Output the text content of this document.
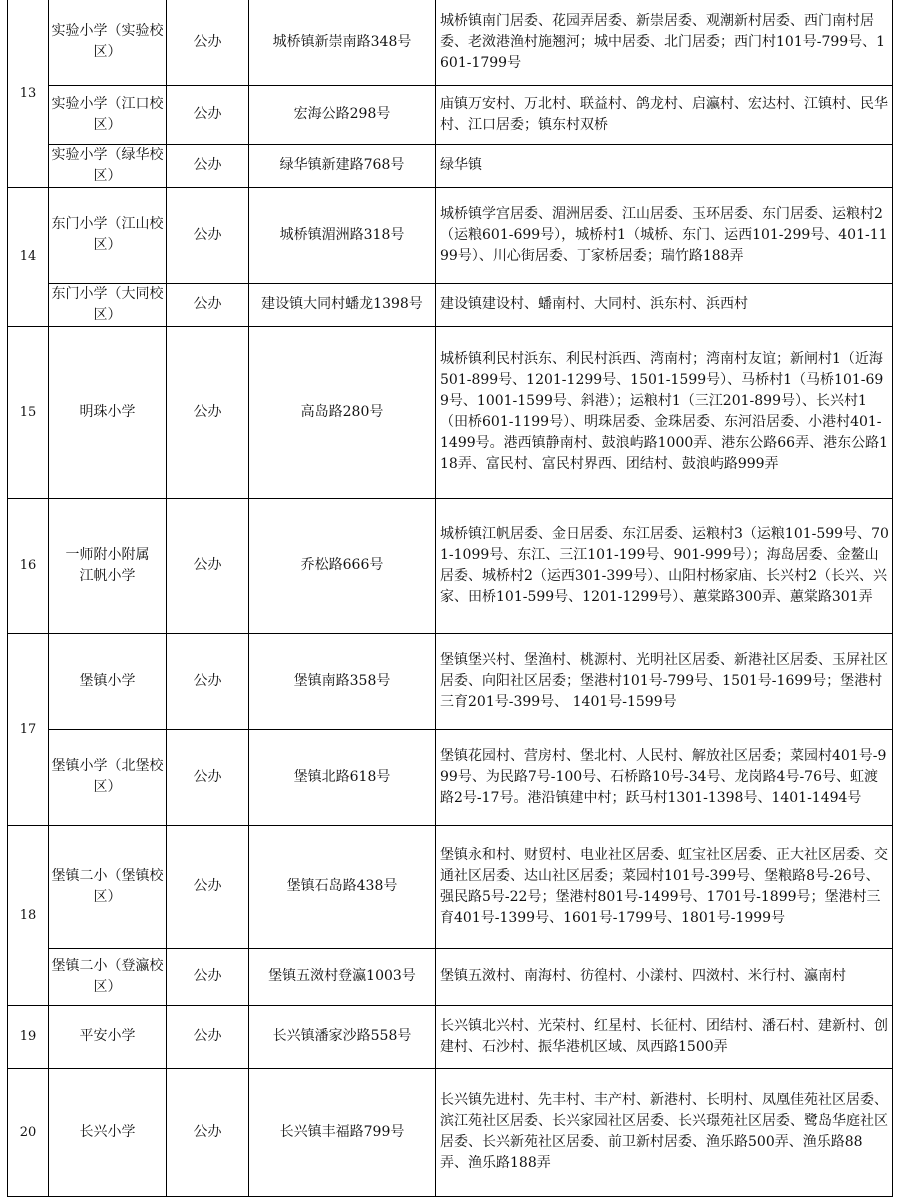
13	实验小学（实验校区）	公办	城桥镇新崇南路348号	城桥镇南门居委、花园弄居委、新崇居委、观潮新村居委、西门南村居委、老滧港渔村施翘河；城中居委、北门居委；西门村101号-799号、1601-1799号
	实验小学（江口校区）	公办	宏海公路298号	庙镇万安村、万北村、联益村、鸽龙村、启瀛村、宏达村、江镇村、民华村、江口居委；镇东村双桥
	实验小学（绿华校区）	公办	绿华镇新建路768号	绿华镇
14	东门小学（江山校区）	公办	城桥镇湄洲路318号	城桥镇学宫居委、湄洲居委、江山居委、玉环居委、东门居委、运粮村2（运粮601-699号），城桥村1（城桥、东门、运西101-299号、401-1199号）、川心街居委、丁家桥居委；瑞竹路188弄
	东门小学（大同校区）	公办	建设镇大同村蟠龙1398号	建设镇建设村、蟠南村、大同村、浜东村、浜西村
15	明珠小学	公办	高岛路280号	城桥镇利民村浜东、利民村浜西、湾南村；湾南村友谊；新闸村1（近海501-899号、1201-1299号、1501-1599号）、马桥村1（马桥101-699号、1001-1599号、斜港）；运粮村1（三江201-899号）、长兴村1（田桥601-1199号）、明珠居委、金珠居委、东河沿居委、小港村401-1499号。港西镇静南村、鼓浪屿路1000弄、港东公路66弄、港东公路118弄、富民村、富民村界西、团结村、鼓浪屿路999弄
16	一师附小附属江帆小学	公办	乔松路666号	城桥镇江帆居委、金日居委、东江居委、运粮村3（运粮101-599号、701-1099号、东江、三江101-199号、901-999号）；海岛居委、金鳌山居委、城桥村2（运西301-399号）、山阳村杨家庙、长兴村2（长兴、兴家、田桥101-599号、1201-1299号）、蕙棠路300弄、蕙棠路301弄
17	堡镇小学	公办	堡镇南路358号	堡镇堡兴村、堡渔村、桃源村、光明社区居委、新港社区居委、玉屏社区居委、向阳社区居委；堡港村101号-799号、1501号-1699号；堡港村三育201号-399号、 1401号-1599号
	堡镇小学（北堡校区）	公办	堡镇北路618号	堡镇花园村、营房村、堡北村、人民村、解放社区居委；菜园村401号-999号、为民路7号-100号、石桥路10号-34号、龙岗路4号-76号、虹渡路2号-17号。港沿镇建中村；跃马村1301-1398号、1401-1494号
18	堡镇二小（堡镇校区）	公办	堡镇石岛路438号	堡镇永和村、财贸村、电业社区居委、虹宝社区居委、正大社区居委、交通社区居委、达山社区居委；菜园村101号-399号、堡粮路8号-26号、强民路5号-22号；堡港村801号-1499号、1701号-1899号；堡港村三育401号-1399号、1601号-1799号、1801号-1999号
	堡镇二小（登瀛校区）	公办	堡镇五滧村登瀛1003号	堡镇五滧村、南海村、彷徨村、小漾村、四滧村、米行村、瀛南村
19	平安小学	公办	长兴镇潘家沙路558号	长兴镇北兴村、光荣村、红星村、长征村、团结村、潘石村、建新村、创建村、石沙村、振华港机区域、凤西路1500弄
20	长兴小学	公办	长兴镇丰福路799号	长兴镇先进村、先丰村、丰产村、新港村、长明村、凤凰佳苑社区居委、滨江苑社区居委、长兴家园社区居委、长兴璟苑社区居委、鹭岛华庭社区居委、长兴新苑社区居委、前卫新村居委、渔乐路500弄、渔乐路88弄、渔乐路188弄
